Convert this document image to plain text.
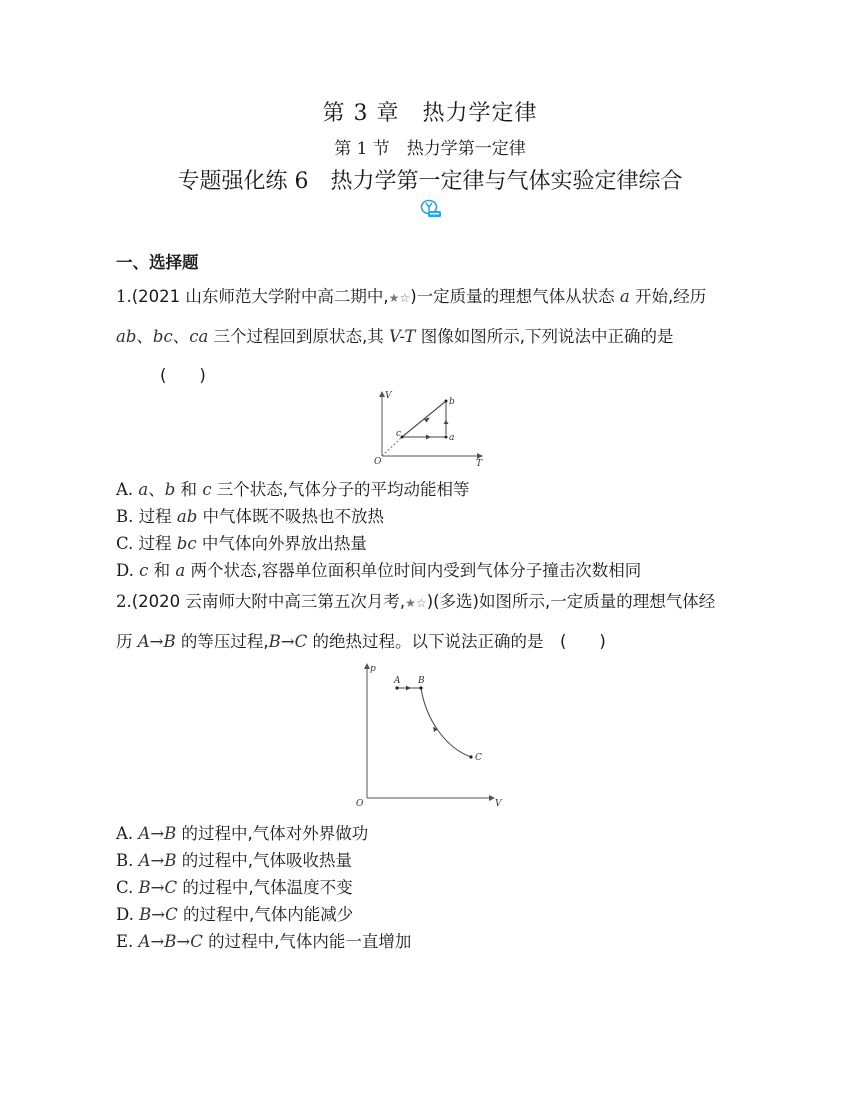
第 3 章　热力学定律
第 1 节　热力学第一定律
专题强化练 6　热力学第一定律与气体实验定律综合
一、选择题
1.(2021 山东师范大学附中高二期中,★☆)一定质量的理想气体从状态 a 开始,经历
ab、bc、ca 三个过程回到原状态,其 V-T 图像如图所示,下列说法中正确的是
(　　)
V
T
O
b
a
c
A. a、b 和 c 三个状态,气体分子的平均动能相等
B. 过程 ab 中气体既不吸热也不放热
C. 过程 bc 中气体向外界放出热量
D. c 和 a 两个状态,容器单位面积单位时间内受到气体分子撞击次数相同
2.(2020 云南师大附中高三第五次月考,★☆)(多选)如图所示,一定质量的理想气体经
历 A→B 的等压过程,B→C 的绝热过程。以下说法正确的是　 (　　)
p
V
O
A B
C
A. A→B 的过程中,气体对外界做功
B. A→B 的过程中,气体吸收热量
C. B→C 的过程中,气体温度不变
D. B→C 的过程中,气体内能减少
E. A→B→C 的过程中,气体内能一直增加
